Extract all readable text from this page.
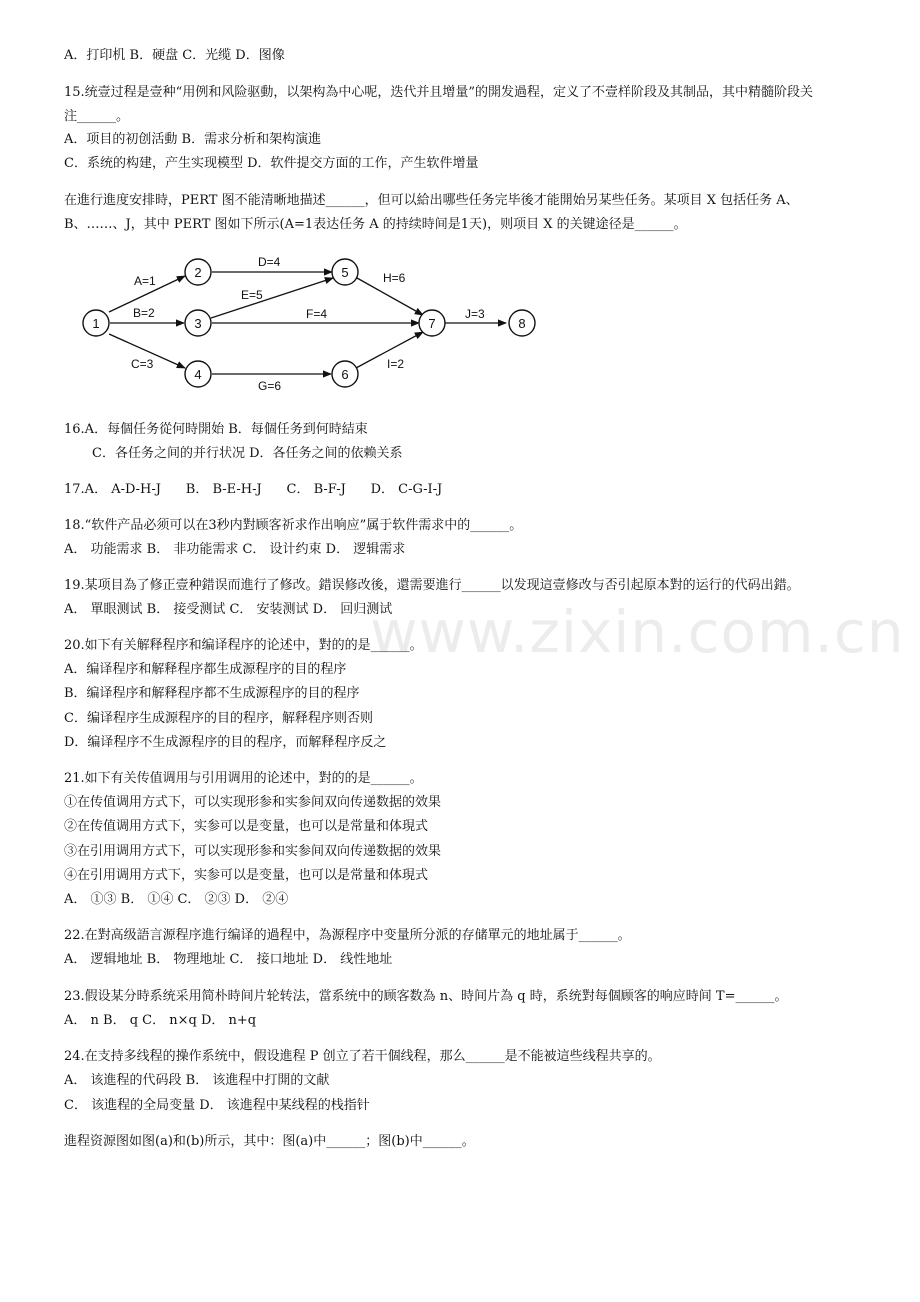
A．打印机 B．硬盘 C．光缆 D．图像
15.统壹过程是壹种“用例和风险驱動，以架构為中心呢，迭代并且增量”的開发過程，定义了不壹样阶段及其制品，其中精髓阶段关
注______。
A．项目的初创活動 B．需求分析和架构演進
C．系统的构建，产生实现模型 D．软件提交方面的工作，产生软件增量
在進行進度安排時，PERT 图不能清晰地描述______，但可以給出哪些任务完毕後才能開始另某些任务。某项目 X 包括任务 A、
B、……、J，其中 PERT 图如下所示(A=1表达任务 A 的持续時间是1天)，则项目 X 的关键途径是______。
A=1
B=2
C=3
D=4
E=5
F=4
G=6
H=6
I=2
J=3
1
2
3
4
5
6
7	8
16.A．每個任务從何時開始 B．每個任务到何時結束
C．各任务之间的并行状况 D．各任务之间的依赖关系
17.A． A-D-H-J      B． B-E-H-J      C． B-F-J      D． C-G-I-J
18.“软件产品必须可以在3秒内對顾客祈求作出响应”属于软件需求中的______。
A． 功能需求 B． 非功能需求 C． 设计约束 D． 逻辑需求
19.某项目為了修正壹种錯误而進行了修改。錯误修改後，還需要進行______以发现這壹修改与否引起原本對的运行的代码出錯。
A． 單眼测试 B． 接受测试 C． 安装测试 D． 回归测试
20.如下有关解释程序和编译程序的论述中，對的的是______。
A．编译程序和解释程序都生成源程序的目的程序
B．编译程序和解释程序都不生成源程序的目的程序
C．编译程序生成源程序的目的程序，解释程序则否则
D．编译程序不生成源程序的目的程序，而解释程序反之
21.如下有关传值调用与引用调用的论述中，對的的是______。
①在传值调用方式下，可以实现形参和实参间双向传递数据的效果
②在传值调用方式下，实参可以是变量，也可以是常量和体現式
③在引用调用方式下，可以实现形参和实参间双向传递数据的效果
④在引用调用方式下，实参可以是变量，也可以是常量和体現式
A． ①③ B． ①④ C． ②③ D． ②④
22.在對高级語言源程序進行编译的過程中，為源程序中变量所分派的存储單元的地址属于______。
A． 逻辑地址 B． 物理地址 C． 接口地址 D． 线性地址
23.假设某分時系统采用简朴時间片轮转法，當系统中的顾客数為 n、時间片為 q 時，系统對每個顾客的响应時间 T=______。
A． n B． q C． n×q D． n+q
24.在支持多线程的操作系统中，假设進程 P 创立了若干個线程，那么______是不能被這些线程共享的。
A． 该進程的代码段 B． 该進程中打開的文献
C． 该進程的全局变量 D． 该進程中某线程的栈指针
進程资源图如图(a)和(b)所示，其中：图(a)中______；图(b)中______。
www.zixin.com.cn
